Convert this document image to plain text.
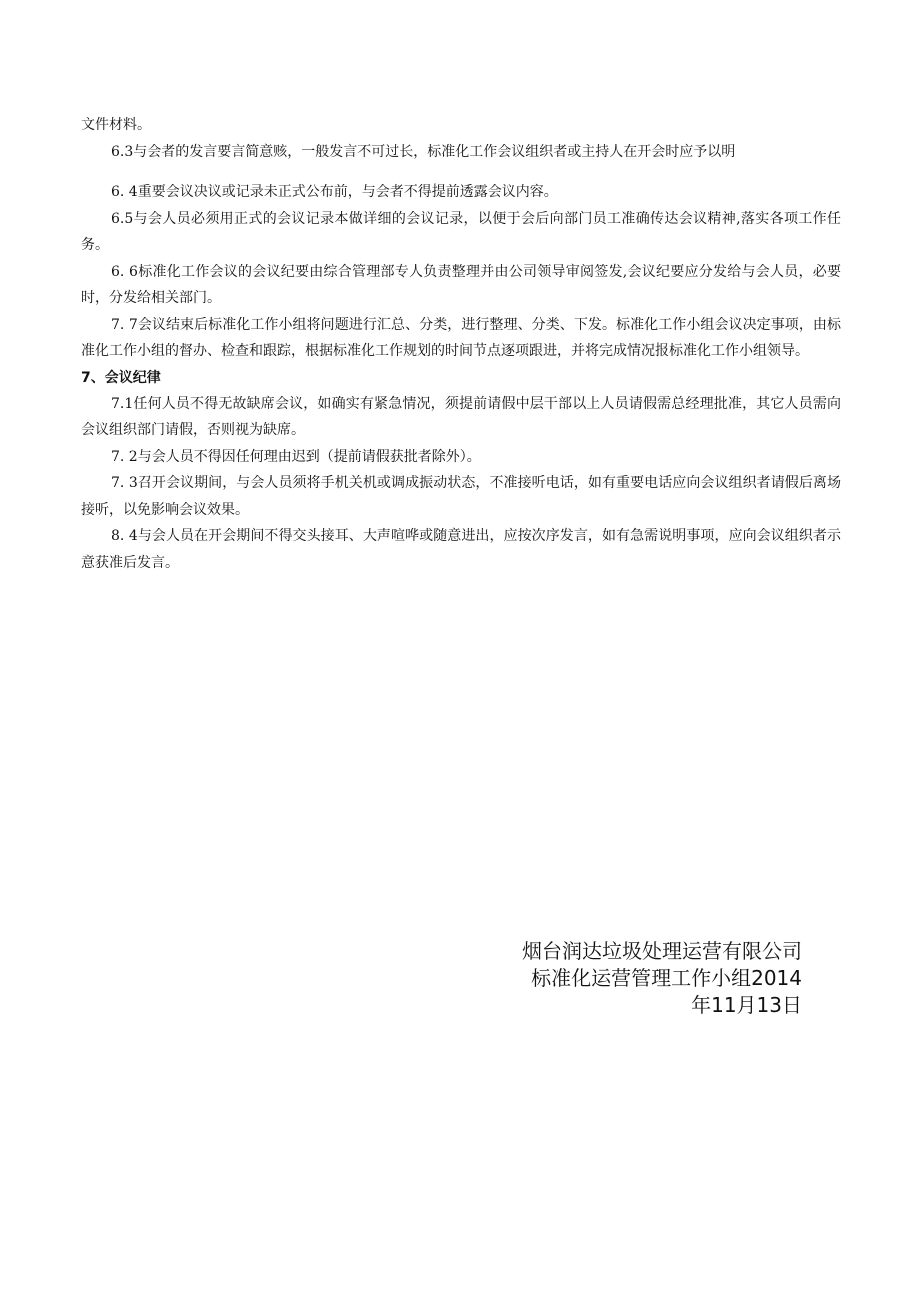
文件材料。

6.3与会者的发言要言简意赅，一般发言不可过长，标准化工作会议组织者或主持人在开会时应予以明

6. 4重要会议决议或记录未正式公布前，与会者不得提前透露会议内容。

6.5与会人员必须用正式的会议记录本做详细的会议记录，以便于会后向部门员工准确传达会议精神,落实各项工作任务。

6. 6标准化工作会议的会议纪要由综合管理部专人负责整理并由公司领导审阅签发,会议纪要应分发给与会人员，必要时，分发给相关部门。

7. 7会议结束后标准化工作小组将问题进行汇总、分类，进行整理、分类、下发。标准化工作小组会议决定事项，由标准化工作小组的督办、检查和跟踪，根据标准化工作规划的时间节点逐项跟进，并将完成情况报标准化工作小组领导。

7、会议纪律

7.1任何人员不得无故缺席会议，如确实有紧急情况，须提前请假中层干部以上人员请假需总经理批准，其它人员需向会议组织部门请假，否则视为缺席。

7. 2与会人员不得因任何理由迟到（提前请假获批者除外）。

7. 3召开会议期间，与会人员须将手机关机或调成振动状态，不准接听电话，如有重要电话应向会议组织者请假后离场接听，以免影响会议效果。

8. 4与会人员在开会期间不得交头接耳、大声喧哗或随意进出，应按次序发言，如有急需说明事项，应向会议组织者示意获准后发言。

烟台润达垃圾处理运营有限公司
标准化运营管理工作小组2014
年11月13日
